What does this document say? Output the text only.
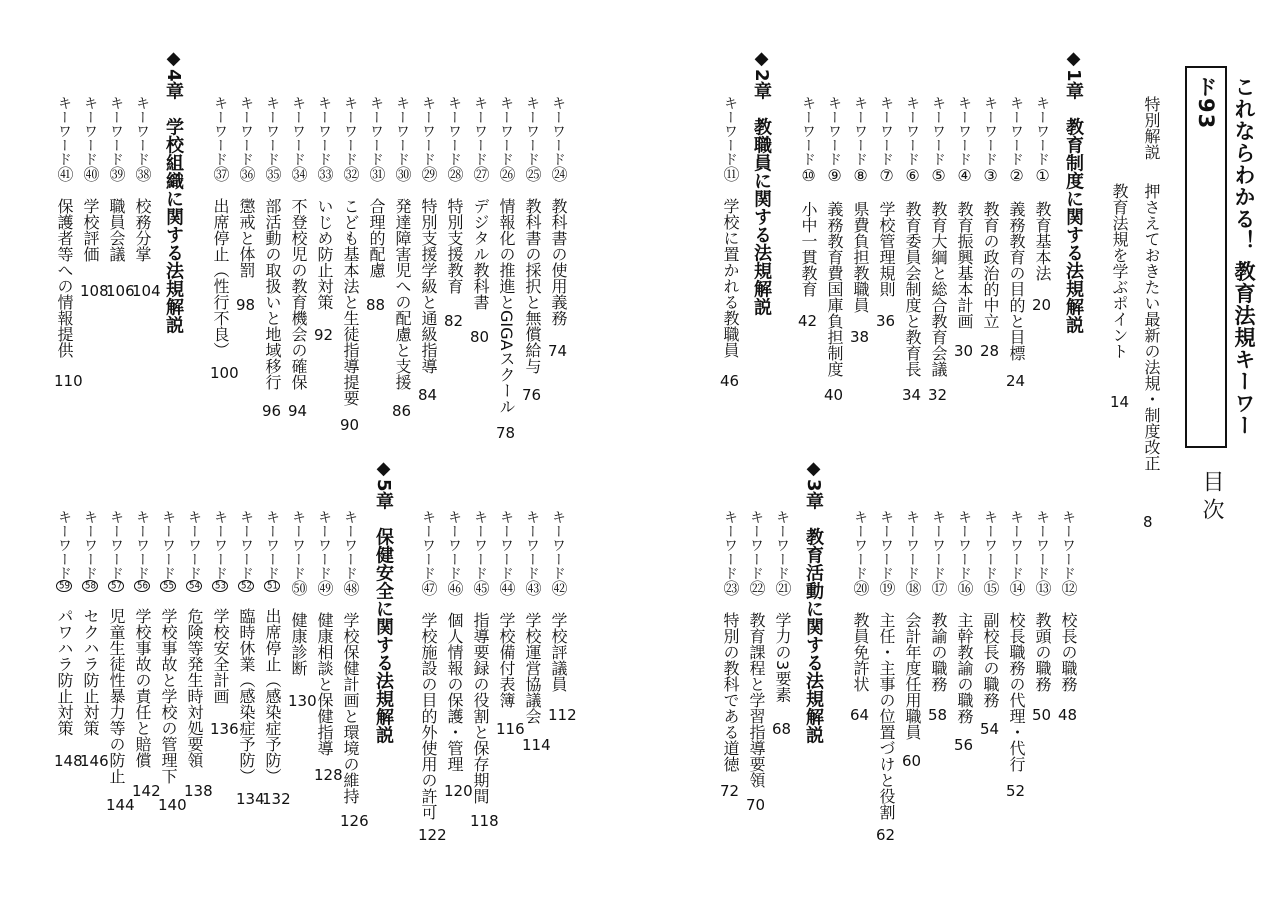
これならわかる！ 教育法規キーワード93
目次
特別解説
押さえておきたい最新の法規・制度改正
8
教育法規を学ぶポイント
14
◆1章　教育制度に関する法規解説
◆2章　教職員に関する法規解説
◆3章　教育活動に関する法規解説
◆4章　学校組織に関する法規解説
◆5章　保健安全に関する法規解説
キーワード①　教育基本法
20
キーワード②　義務教育の目的と目標
24
キーワード③　教育の政治的中立
28
キーワード④　教育振興基本計画
30
キーワード⑤　教育大綱と総合教育会議
32
キーワード⑥　教育委員会制度と教育長
34
キーワード⑦　学校管理規則
36
キーワード⑧　県費負担教職員
38
キーワード⑨　義務教育費国庫負担制度
40
キーワード⑩　小中一貫教育
42
キーワード⑪　学校に置かれる教職員
46
キーワード⑫　校長の職務
48
キーワード⑬　教頭の職務
50
キーワード⑭　校長職務の代理・代行
52
キーワード⑮　副校長の職務
54
キーワード⑯　主幹教諭の職務
56
キーワード⑰　教諭の職務
58
キーワード⑱　会計年度任用職員
60
キーワード⑲　主任・主事の位置づけと役割
62
キーワード⑳　教員免許状
64
キーワード㉑　学力の3要素
68
キーワード㉒　教育課程と学習指導要領
70
キーワード㉓　特別の教科である道徳
72
キーワード㉔　教科書の使用義務
74
キーワード㉕　教科書の採択と無償給与
76
キーワード㉖　情報化の推進とGIGAスクール
78
キーワード㉗　デジタル教科書
80
キーワード㉘　特別支援教育
82
キーワード㉙　特別支援学級と通級指導
84
キーワード㉚　発達障害児への配慮と支援
86
キーワード㉛　合理的配慮
88
キーワード㉜　こども基本法と生徒指導提要
90
キーワード㉝　いじめ防止対策
92
キーワード㉞　不登校児の教育機会の確保
94
キーワード㉟　部活動の取扱いと地域移行
96
キーワード㊱　懲戒と体罰
98
キーワード㊲　出席停止（性行不良）
100
キーワード㊳　校務分掌
104
キーワード㊴　職員会議
106
キーワード㊵　学校評価
108
キーワード㊶　保護者等への情報提供
110
キーワード㊷　学校評議員
112
キーワード㊸　学校運営協議会
114
キーワード㊹　学校備付表簿
116
キーワード㊺　指導要録の役割と保存期間
118
キーワード㊻　個人情報の保護・管理
120
キーワード㊼　学校施設の目的外使用の許可
122
キーワード㊽　学校保健計画と環境の維持
126
キーワード㊾　健康相談と保健指導
128
キーワード㊿　健康診断
130
キーワード51　出席停止（感染症予防）
132
キーワード52　臨時休業（感染症予防）
134
キーワード53　学校安全計画
136
キーワード54　危険等発生時対処要領
138
キーワード55　学校事故と学校の管理下
140
キーワード56　学校事故の責任と賠償
142
キーワード57　児童生徒性暴力等の防止
144
キーワード58　セクハラ防止対策
146
キーワード59　パワハラ防止対策
148
